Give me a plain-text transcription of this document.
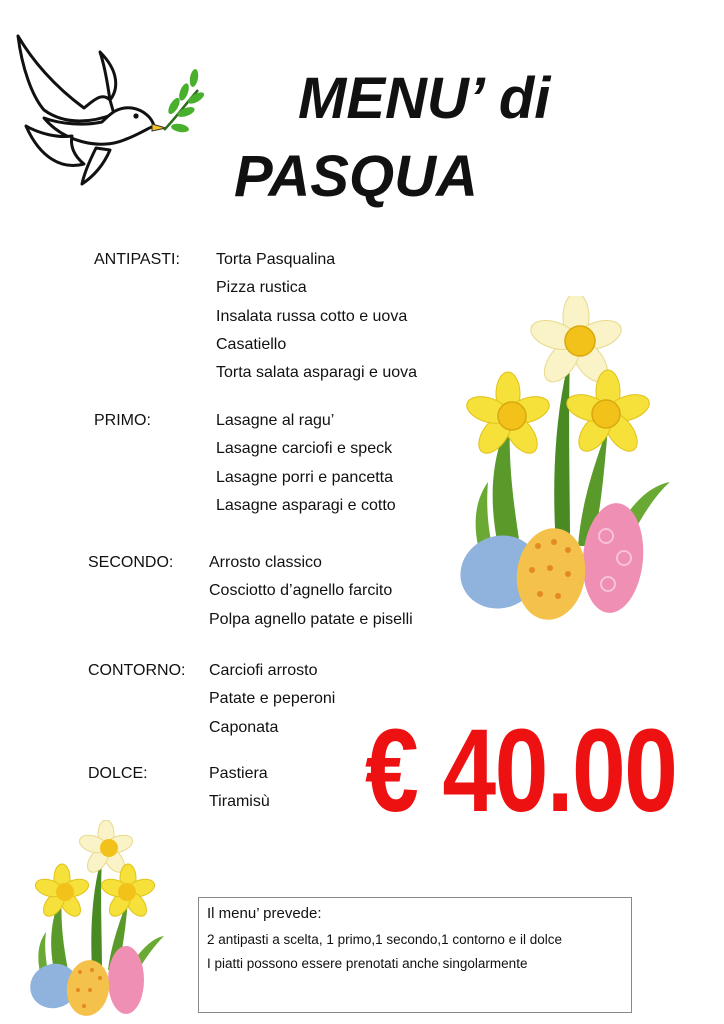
MENU’ di
PASQUA
ANTIPASTI: Torta Pasqualina
Pizza rustica
Insalata russa cotto e uova
Casatiello
Torta salata asparagi e uova
PRIMO:	Lasagne al ragu’
Lasagne carciofi e speck
Lasagne porri e pancetta
Lasagne asparagi e cotto
SECONDO: Arrosto classico
Cosciotto d’agnello farcito
Polpa agnello patate e piselli
CONTORNO: Carciofi arrosto
Patate e peperoni
Caponata
DOLCE:	Pastiera
Tiramisù € 40.00
Il menu’ prevede:
2 antipasti a scelta, 1 primo,1 secondo,1 contorno e il dolce
I piatti possono essere prenotati anche singolarmente
